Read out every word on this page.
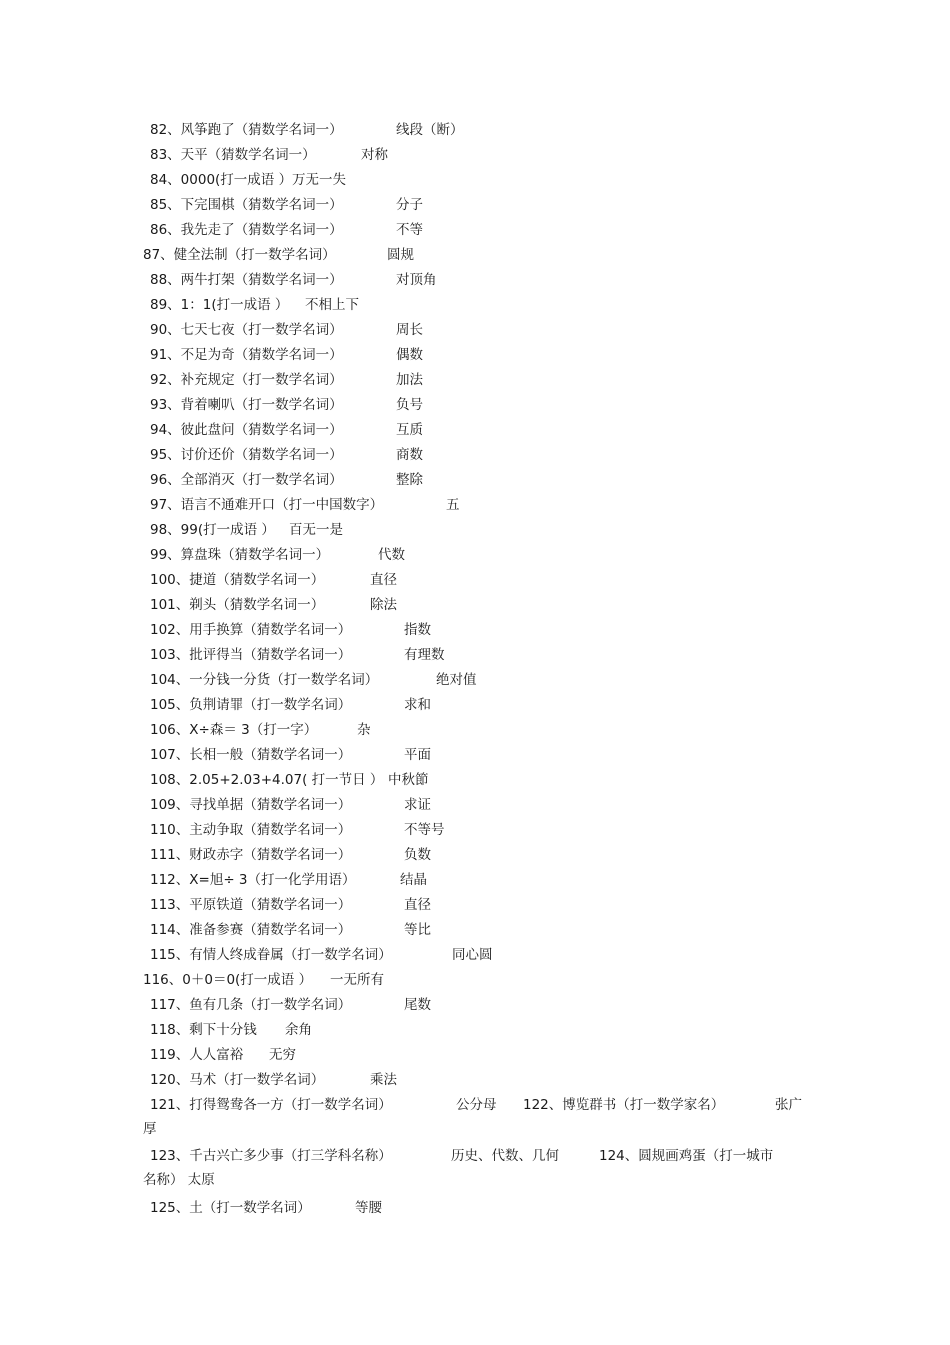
82、风筝跑了（猜数学名词一）	线段（断）
83、天平（猜数学名词一）	对称
84、0000(打一成语 ） 万无一失
85、下完围棋（猜数学名词一）	分子
86、我先走了（猜数学名词一）	不等
87、健全法制（打一数学名词）	圆规
88、两牛打架（猜数学名词一）	对顶角
89、1：1(打一成语 ） 不相上下
90、七天七夜（打一数学名词）	周长
91、不足为奇（猜数学名词一）	偶数
92、补充规定（打一数学名词）	加法
93、背着喇叭（打一数学名词）	负号
94、彼此盘问（猜数学名词一）	互质
95、讨价还价（猜数学名词一）	商数
96、全部消灭（打一数学名词）	整除
97、语言不通难开口（打一中国数字）	五
98、99(打一成语 ） 百无一是
99、算盘珠（猜数学名词一）	代数
100、捷道（猜数学名词一）	直径
101、剃头（猜数学名词一）	除法
102、用手换算（猜数学名词一）	指数
103、批评得当（猜数学名词一）	有理数
104、一分钱一分货（打一数学名词）	绝对值
105、负荆请罪（打一数学名词）	求和
106、X÷森＝ 3（打一字）	杂
107、长相一般（猜数学名词一）	平面
108、2.05+2.03+4.07( 打一节日 ） 中秋節
109、寻找单据（猜数学名词一）	求证
110、主动争取（猜数学名词一）	不等号
111、财政赤字（猜数学名词一）	负数
112、X=旭÷ 3（打一化学用语）	结晶
113、平原铁道（猜数学名词一）	直径
114、准备参赛（猜数学名词一）	等比
115、有情人终成眷属（打一数学名词）	同心圆
116、0＋0＝0(打一成语 ） 一无所有
117、鱼有几条（打一数学名词）	尾数
118、剩下十分钱 余角
119、人人富裕 无穷
120、马术（打一数学名词）	乘法
121、打得鸳鸯各一方（打一数学名词）	公分母 122、博览群书（打一数学家名）	张广
厚
123、千古兴亡多少事（打三学科名称）	历史、代数、几何	124、圆规画鸡蛋（打一城市
名称） 太原
125、土（打一数学名词）	等腰
